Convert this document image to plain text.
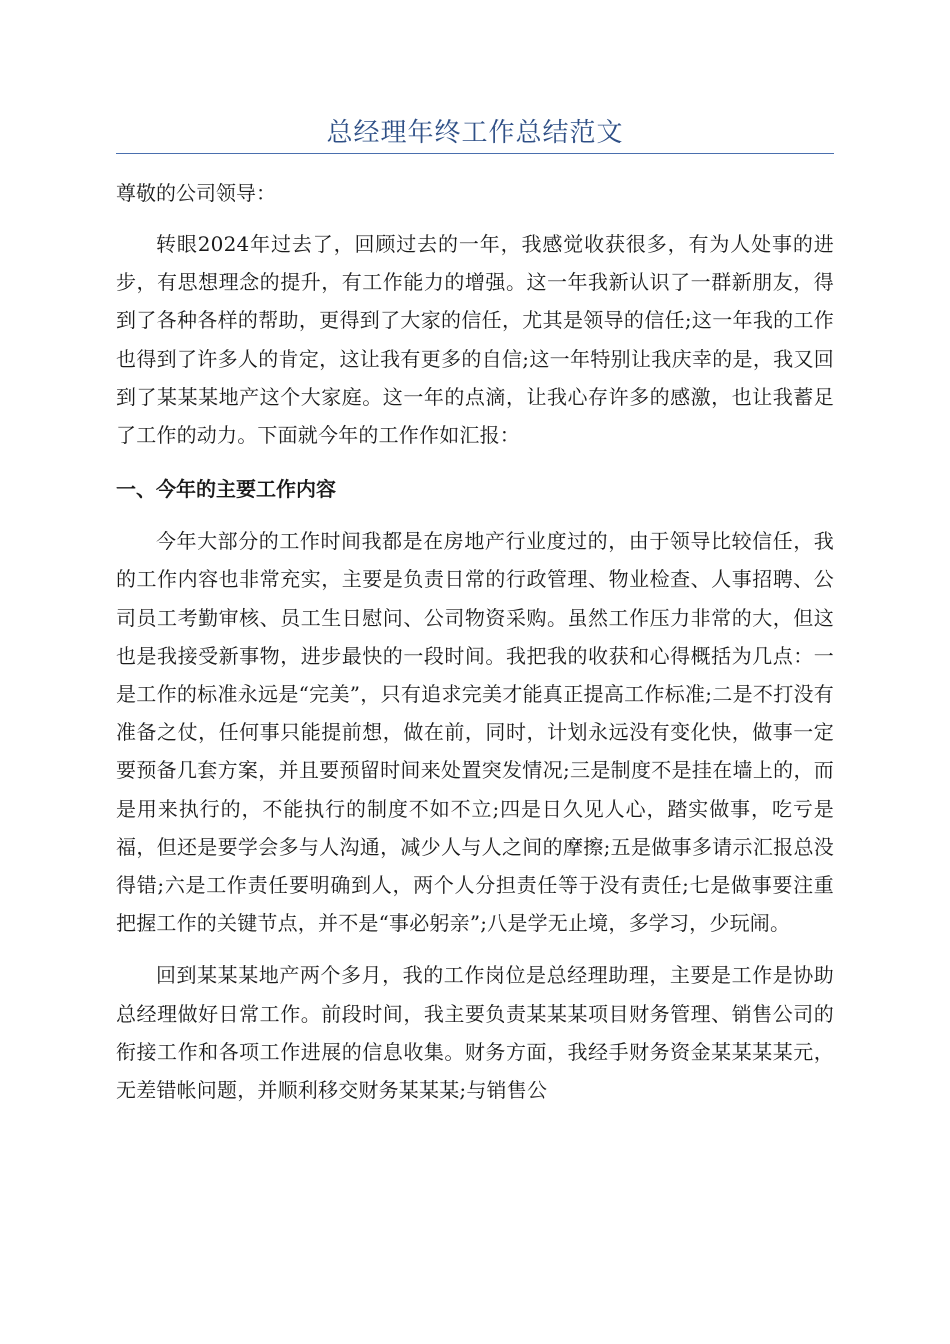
总经理年终工作总结范文
尊敬的公司领导：

转眼2024年过去了，回顾过去的一年，我感觉收获很多，有为人处事的进步，有思想理念的提升，有工作能力的增强。这一年我新认识了一群新朋友，得到了各种各样的帮助，更得到了大家的信任，尤其是领导的信任;这一年我的工作也得到了许多人的肯定，这让我有更多的自信;这一年特别让我庆幸的是，我又回到了某某某地产这个大家庭。这一年的点滴，让我心存许多的感激，也让我蓄足了工作的动力。下面就今年的工作作如汇报：

一、今年的主要工作内容

今年大部分的工作时间我都是在房地产行业度过的，由于领导比较信任，我的工作内容也非常充实，主要是负责日常的行政管理、物业检查、人事招聘、公司员工考勤审核、员工生日慰问、公司物资采购。虽然工作压力非常的大，但这也是我接受新事物，进步最快的一段时间。我把我的收获和心得概括为几点：一是工作的标准永远是“完美”，只有追求完美才能真正提高工作标准;二是不打没有准备之仗，任何事只能提前想，做在前，同时，计划永远没有变化快，做事一定要预备几套方案，并且要预留时间来处置突发情况;三是制度不是挂在墙上的，而是用来执行的，不能执行的制度不如不立;四是日久见人心，踏实做事，吃亏是福，但还是要学会多与人沟通，减少人与人之间的摩擦;五是做事多请示汇报总没得错;六是工作责任要明确到人，两个人分担责任等于没有责任;七是做事要注重把握工作的关键节点，并不是“事必躬亲”;八是学无止境，多学习，少玩闹。

回到某某某地产两个多月，我的工作岗位是总经理助理，主要是工作是协助总经理做好日常工作。前段时间，我主要负责某某某项目财务管理、销售公司的衔接工作和各项工作进展的信息收集。财务方面，我经手财务资金某某某某元，无差错帐问题，并顺利移交财务某某某;与销售公
